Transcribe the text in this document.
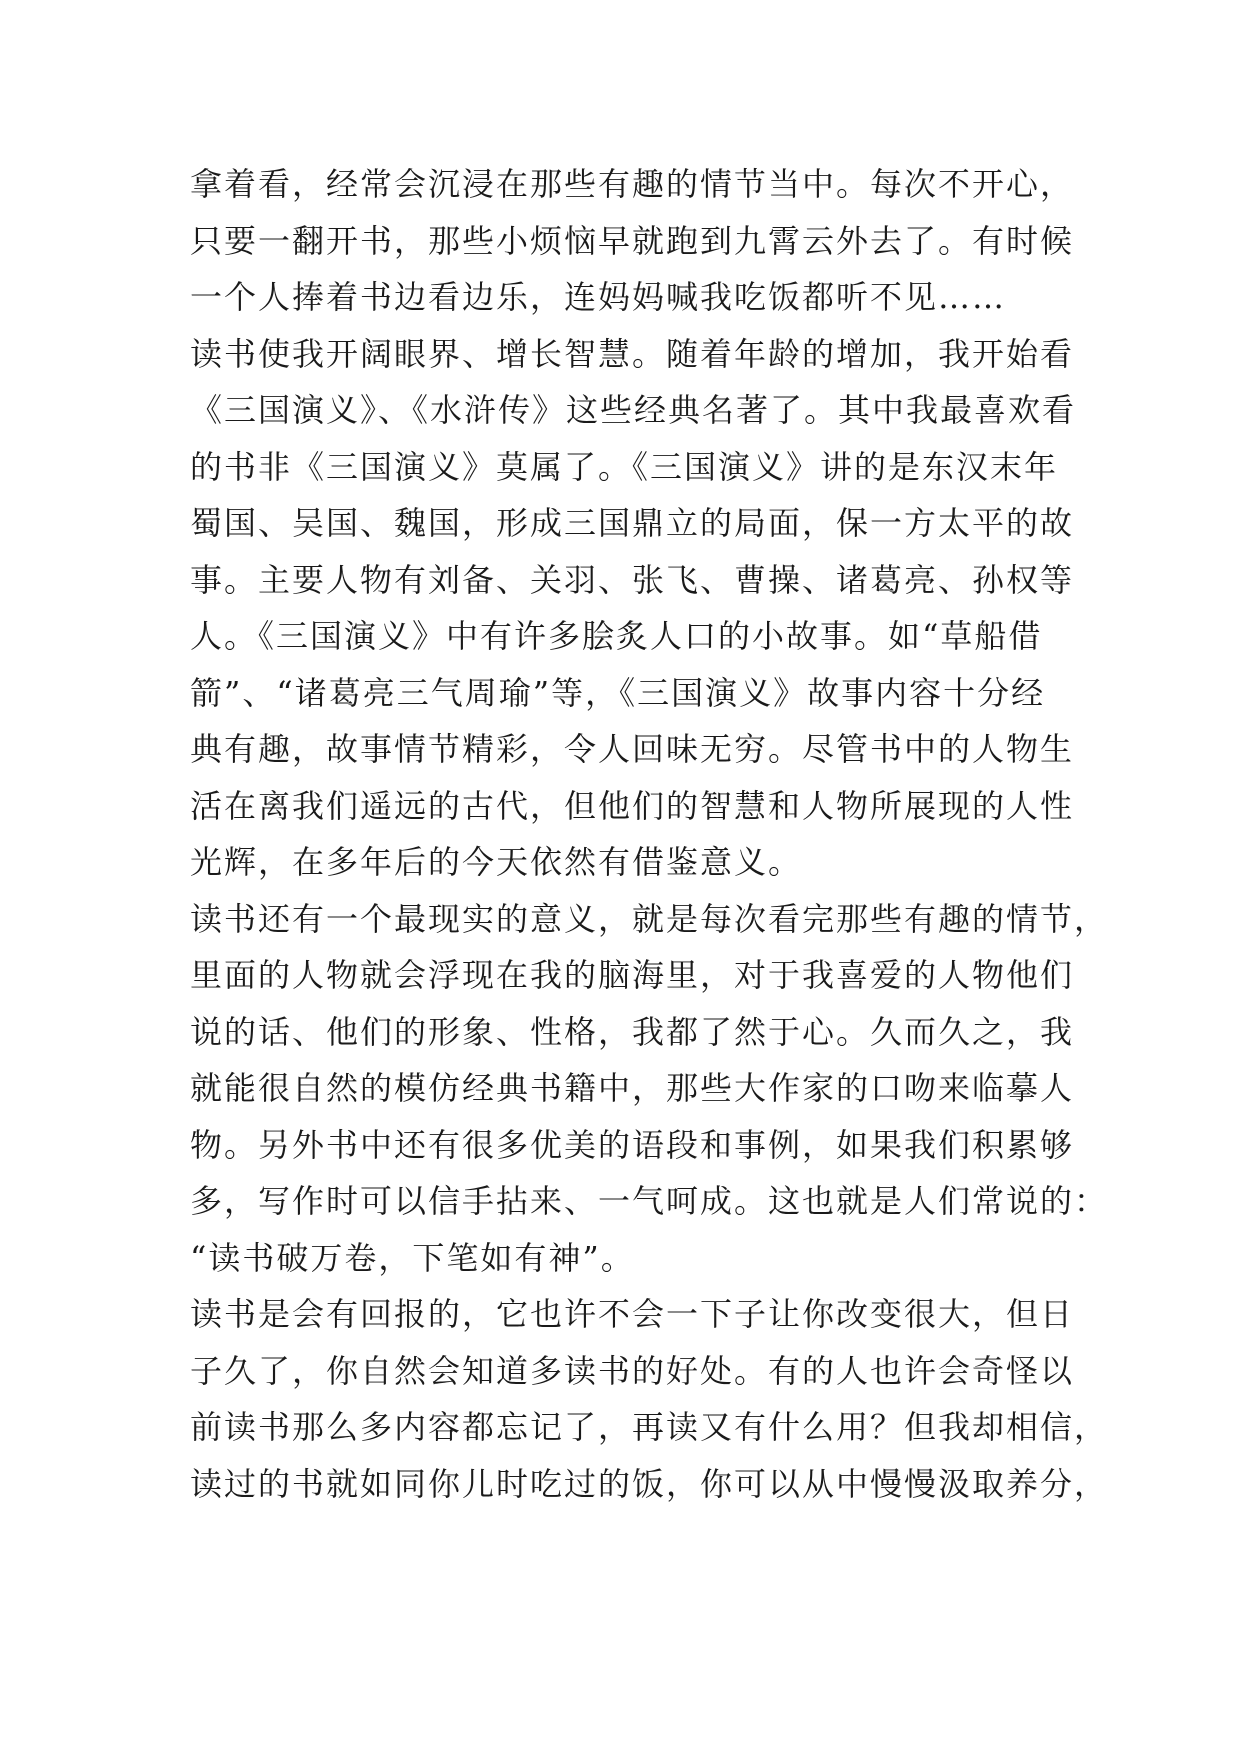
拿着看，经常会沉浸在那些有趣的情节当中。每次不开心，
只要一翻开书，那些小烦恼早就跑到九霄云外去了。有时候
一个人捧着书边看边乐，连妈妈喊我吃饭都听不见……
读书使我开阔眼界、增长智慧。随着年龄的增加，我开始看
《三国演义》、《水浒传》这些经典名著了。其中我最喜欢看
的书非《三国演义》莫属了。《三国演义》讲的是东汉末年
蜀国、吴国、魏国，形成三国鼎立的局面，保一方太平的故
事。主要人物有刘备、关羽、张飞、曹操、诸葛亮、孙权等
人。《三国演义》中有许多脍炙人口的小故事。如“草船借
箭”、“诸葛亮三气周瑜”等，《三国演义》故事内容十分经
典有趣，故事情节精彩，令人回味无穷。尽管书中的人物生
活在离我们遥远的古代，但他们的智慧和人物所展现的人性
光辉，在多年后的今天依然有借鉴意义。
读书还有一个最现实的意义，就是每次看完那些有趣的情节，
里面的人物就会浮现在我的脑海里，对于我喜爱的人物他们
说的话、他们的形象、性格，我都了然于心。久而久之，我
就能很自然的模仿经典书籍中，那些大作家的口吻来临摹人
物。另外书中还有很多优美的语段和事例，如果我们积累够
多，写作时可以信手拈来、一气呵成。这也就是人们常说的：
“读书破万卷，下笔如有神”。
读书是会有回报的，它也许不会一下子让你改变很大，但日
子久了，你自然会知道多读书的好处。有的人也许会奇怪以
前读书那么多内容都忘记了，再读又有什么用？但我却相信，
读过的书就如同你儿时吃过的饭，你可以从中慢慢汲取养分，
